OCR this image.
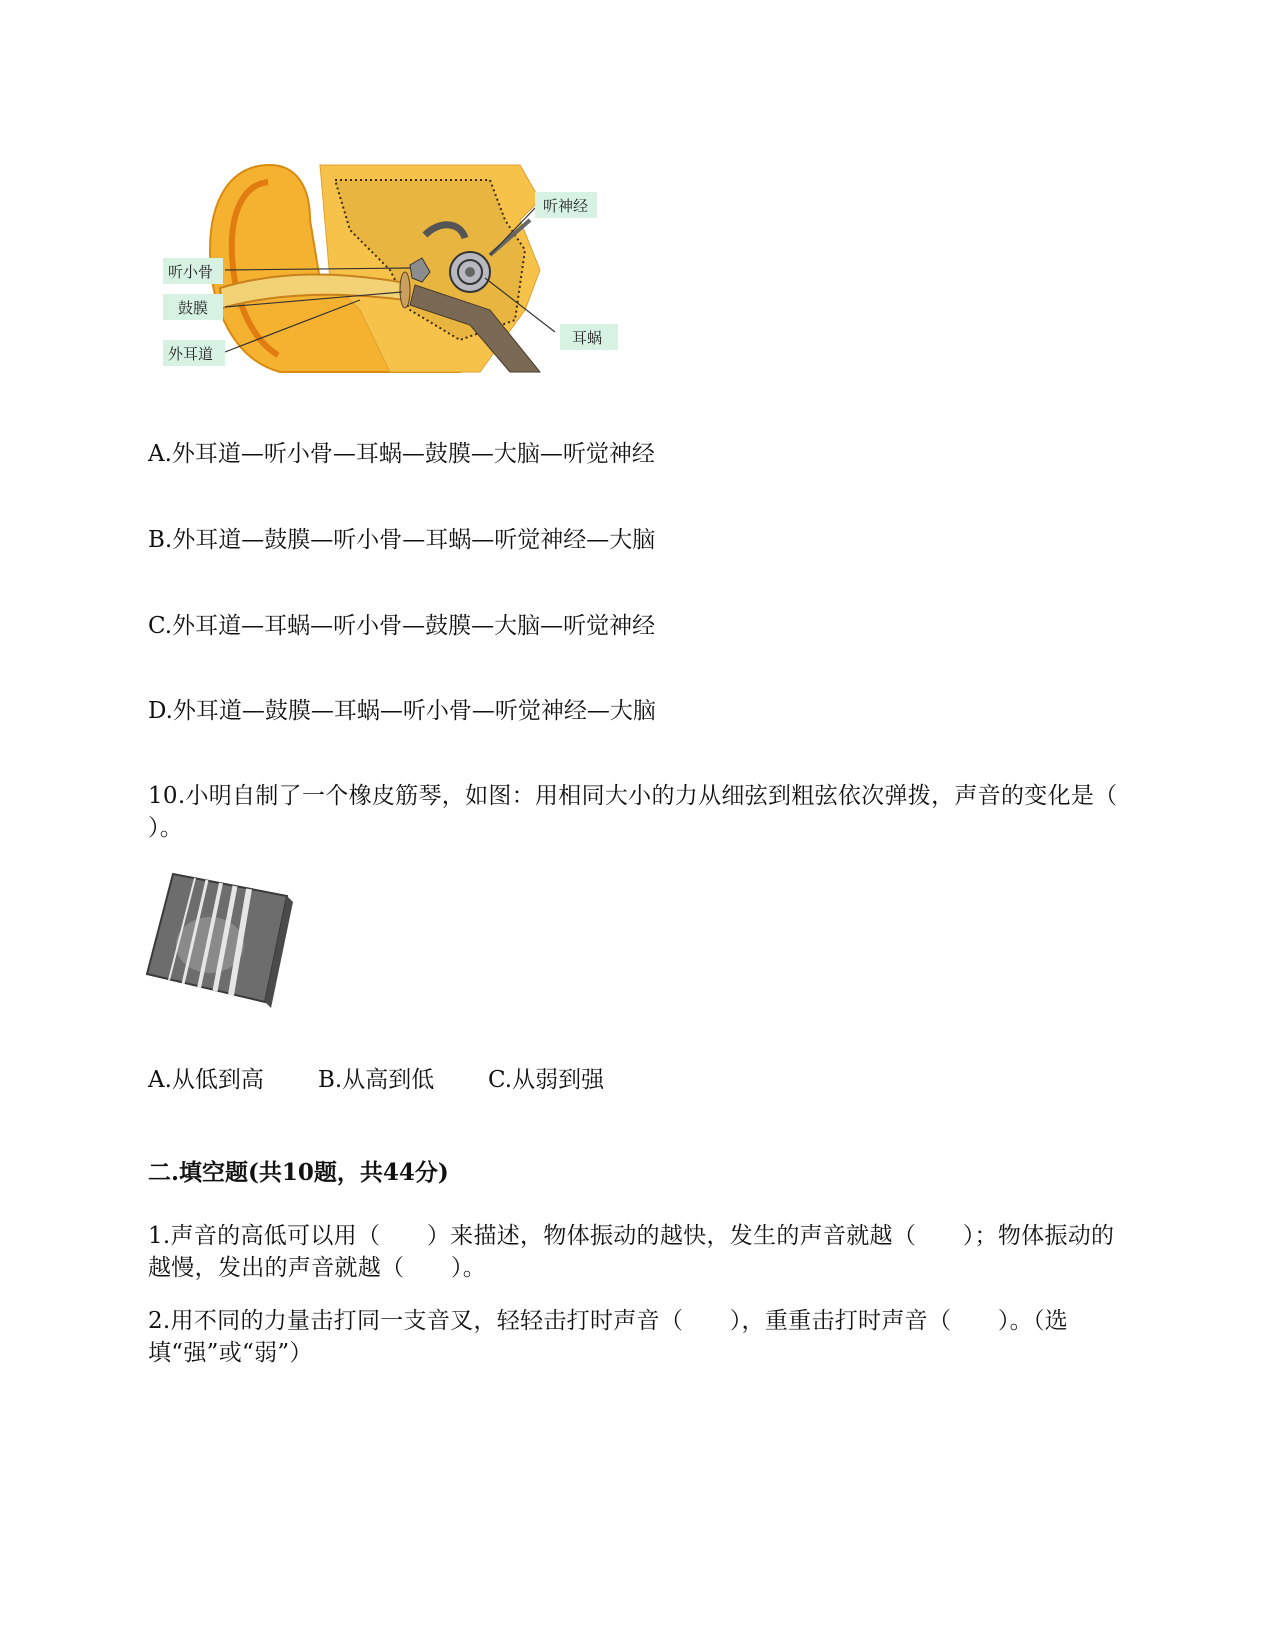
听神经
听小骨
鼓膜
外耳道
耳蜗
A.外耳道—听小骨—耳蜗—鼓膜—大脑—听觉神经
B.外耳道—鼓膜—听小骨—耳蜗—听觉神经—大脑
C.外耳道—耳蜗—听小骨—鼓膜—大脑—听觉神经
D.外耳道—鼓膜—耳蜗—听小骨—听觉神经—大脑
10.小明自制了一个橡皮筋琴，如图：用相同大小的力从细弦到粗弦依次弹拨，声音的变化是（ ）。
A.从低到高 B.从高到低 C.从弱到强
二.填空题(共10题，共44分)
1.声音的高低可以用（　　）来描述，物体振动的越快，发生的声音就越（　　）；物体振动的越慢，发出的声音就越（　　）。
2.用不同的力量击打同一支音叉，轻轻击打时声音（　　），重重击打时声音（　　）。（选填“强”或“弱”）
